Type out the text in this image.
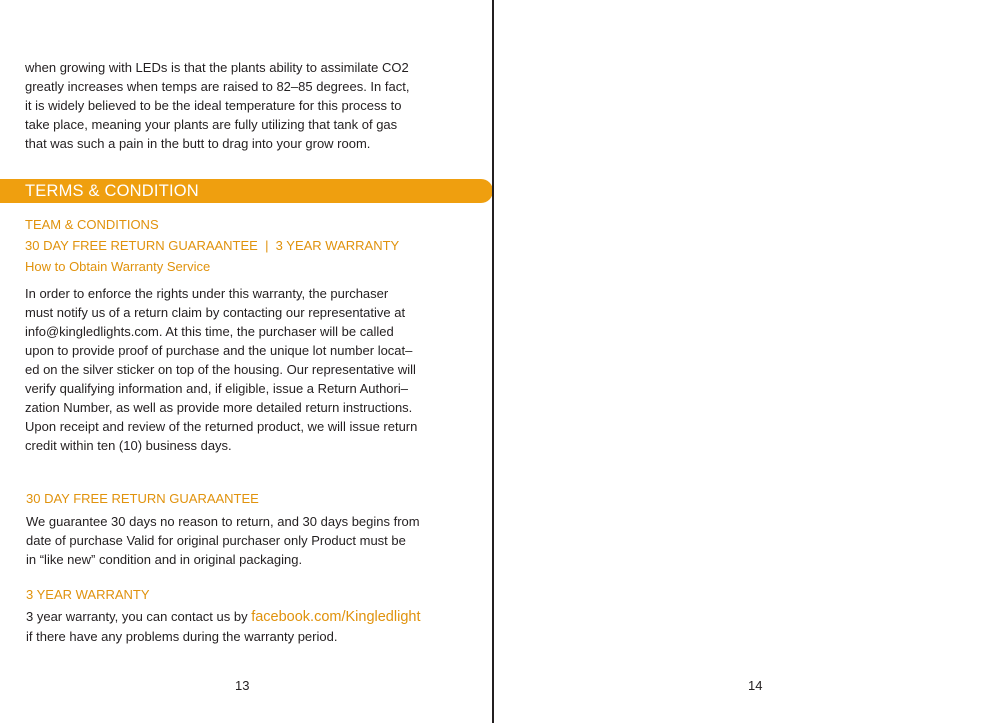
when growing with LEDs is that the plants ability to assimilate CO2
greatly increases when temps are raised to 82–85 degrees. In fact,
it is widely believed to be the ideal temperature for this process to
take place, meaning your plants are fully utilizing that tank of gas
that was such a pain in the butt to drag into your grow room.

TERMS & CONDITION

TEAM & CONDITIONS

30 DAY FREE RETURN GUARAANTEE  |  3 YEAR WARRANTY

How to Obtain Warranty Service

In order to enforce the rights under this warranty, the purchaser
must notify us of a return claim by contacting our representative at
info@kingledlights.com. At this time, the purchaser will be called
upon to provide proof of purchase and the unique lot number locat–
ed on the silver sticker on top of the housing. Our representative will
verify qualifying information and, if eligible, issue a Return Authori–
zation Number, as well as provide more detailed return instructions.
Upon receipt and review of the returned product, we will issue return
credit within ten (10) business days.

30 DAY FREE RETURN GUARAANTEE

We guarantee 30 days no reason to return, and 30 days begins from
date of purchase Valid for original purchaser only Product must be
in “like new” condition and in original packaging.

3 YEAR WARRANTY

3 year warranty, you can contact us by facebook.com/Kingledlight
if there have any problems during the warranty period.

13	14
